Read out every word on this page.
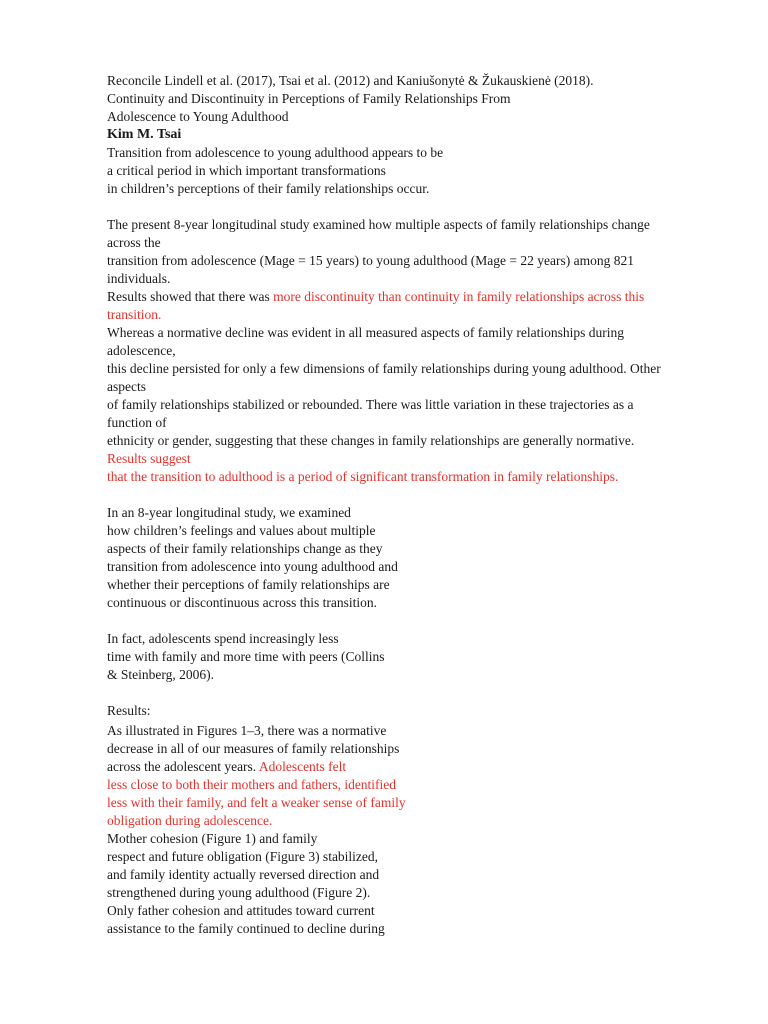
Reconcile Lindell et al. (2017), Tsai et al. (2012) and Kaniušonytė & Žukauskienė (2018).
Continuity and Discontinuity in Perceptions of Family Relationships From
Adolescence to Young Adulthood
Kim M. Tsai
Transition from adolescence to young adulthood appears to be
a critical period in which important transformations
in children’s perceptions of their family relationships occur.
The present 8-year longitudinal study examined how multiple aspects of family relationships change
across the
transition from adolescence (Mage = 15 years) to young adulthood (Mage = 22 years) among 821
individuals.
Results showed that there was more discontinuity than continuity in family relationships across this
transition.
Whereas a normative decline was evident in all measured aspects of family relationships during
adolescence,
this decline persisted for only a few dimensions of family relationships during young adulthood. Other
aspects
of family relationships stabilized or rebounded. There was little variation in these trajectories as a
function of
ethnicity or gender, suggesting that these changes in family relationships are generally normative.
Results suggest
that the transition to adulthood is a period of significant transformation in family relationships.
In an 8-year longitudinal study, we examined
how children’s feelings and values about multiple
aspects of their family relationships change as they
transition from adolescence into young adulthood and
whether their perceptions of family relationships are
continuous or discontinuous across this transition.
In fact, adolescents spend increasingly less
time with family and more time with peers (Collins
& Steinberg, 2006).
Results:
As illustrated in Figures 1–3, there was a normative
decrease in all of our measures of family relationships
across the adolescent years. Adolescents felt
less close to both their mothers and fathers, identified
less with their family, and felt a weaker sense of family
obligation during adolescence.
Mother cohesion (Figure 1) and family
respect and future obligation (Figure 3) stabilized,
and family identity actually reversed direction and
strengthened during young adulthood (Figure 2).
Only father cohesion and attitudes toward current
assistance to the family continued to decline during
